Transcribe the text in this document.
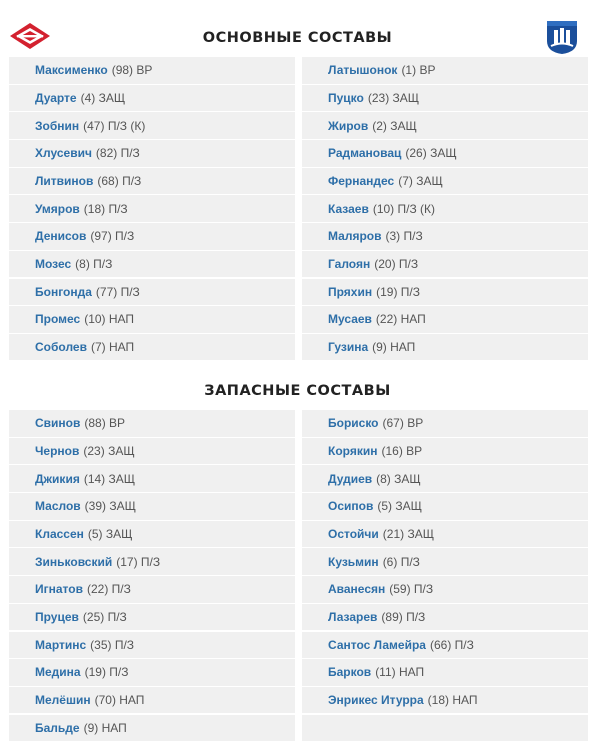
ОСНОВНЫЕ СОСТАВЫ
Максименко (98) ВР
Дуарте (4) ЗАЩ
Зобнин (47) П/З (К)
Хлусевич (82) П/З
Литвинов (68) П/З
Умяров (18) П/З
Денисов (97) П/З
Мозес (8) П/З
Бонгонда (77) П/З
Промес (10) НАП
Соболев (7) НАП
Латышонок (1) ВР
Пуцко (23) ЗАЩ
Жиров (2) ЗАЩ
Радмановац (26) ЗАЩ
Фернандес (7) ЗАЩ
Казаев (10) П/З (К)
Маляров (3) П/З
Галоян (20) П/З
Пряхин (19) П/З
Мусаев (22) НАП
Гузина (9) НАП
ЗАПАСНЫЕ СОСТАВЫ
Свинов (88) ВР
Чернов (23) ЗАЩ
Джикия (14) ЗАЩ
Маслов (39) ЗАЩ
Классен (5) ЗАЩ
Зиньковский (17) П/З
Игнатов (22) П/З
Пруцев (25) П/З
Мартинс (35) П/З
Медина (19) П/З
Мелёшин (70) НАП
Бальде (9) НАП
Бориско (67) ВР
Корякин (16) ВР
Дудиев (8) ЗАЩ
Осипов (5) ЗАЩ
Остойчи (21) ЗАЩ
Кузьмин (6) П/З
Аванесян (59) П/З
Лазарев (89) П/З
Сантос Ламейра (66) П/З
Барков (11) НАП
Энрикес Итурра (18) НАП
